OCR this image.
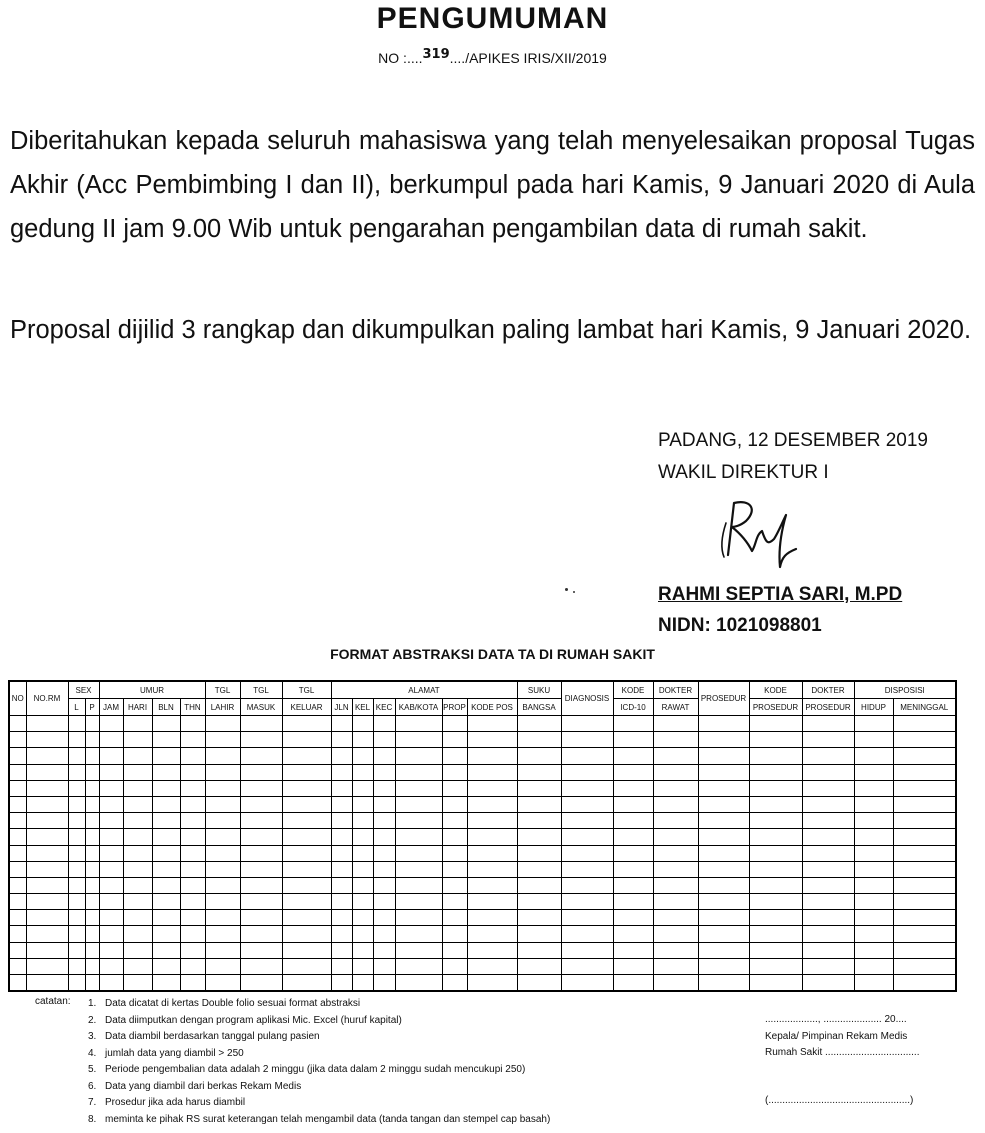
PENGUMUMAN
NO :....319..../APIKES IRIS/XII/2019
Diberitahukan kepada seluruh mahasiswa yang telah menyelesaikan proposal Tugas Akhir (Acc Pembimbing I dan II), berkumpul pada hari Kamis, 9 Januari 2020 di Aula gedung II jam 9.00 Wib untuk pengarahan pengambilan data di rumah sakit.
Proposal dijilid 3 rangkap dan dikumpulkan paling lambat hari Kamis, 9 Januari 2020.
PADANG, 12 DESEMBER 2019
WAKIL DIREKTUR I
RAHMI SEPTIA SARI, M.PD
NIDN: 1021098801
FORMAT ABSTRAKSI DATA TA DI RUMAH SAKIT
NO	NO.RM	SEX		UMUR				TGL	TGL	TGL	ALAMAT						SUKU	DIAGNOSIS	KODE	DOKTER	PROSEDUR	KODE	DOKTER	DISPOSISI	
		L	P	JAM	HARI	BLN	THN	LAHIR	MASUK	KELUAR	JLN	KEL	KEC	KAB/KOTA	PROP	KODE POS	BANGSA		ICD-10	RAWAT		PROSEDUR	PROSEDUR	HIDUP	MENINGGAL

catatan: 1. Data dicatat di kertas Double folio sesuai format abstraksi
2. Data diimputkan dengan program aplikasi Mic. Excel (huruf kapital)
3. Data diambil berdasarkan tanggal pulang pasien
4. jumlah data yang diambil > 250
5. Periode pengembalian data adalah 2 minggu (jika data dalam 2 minggu sudah mencukupi 250)
6. Data yang diambil dari berkas Rekam Medis
7. Prosedur jika ada harus diambil
8. meminta ke pihak RS surat keterangan telah mengambil data (tanda tangan dan stempel cap basah)
..................., ..................... 20....
Kepala/ Pimpinan Rekam Medis
Rumah Sakit ..................................
(...................................................)
